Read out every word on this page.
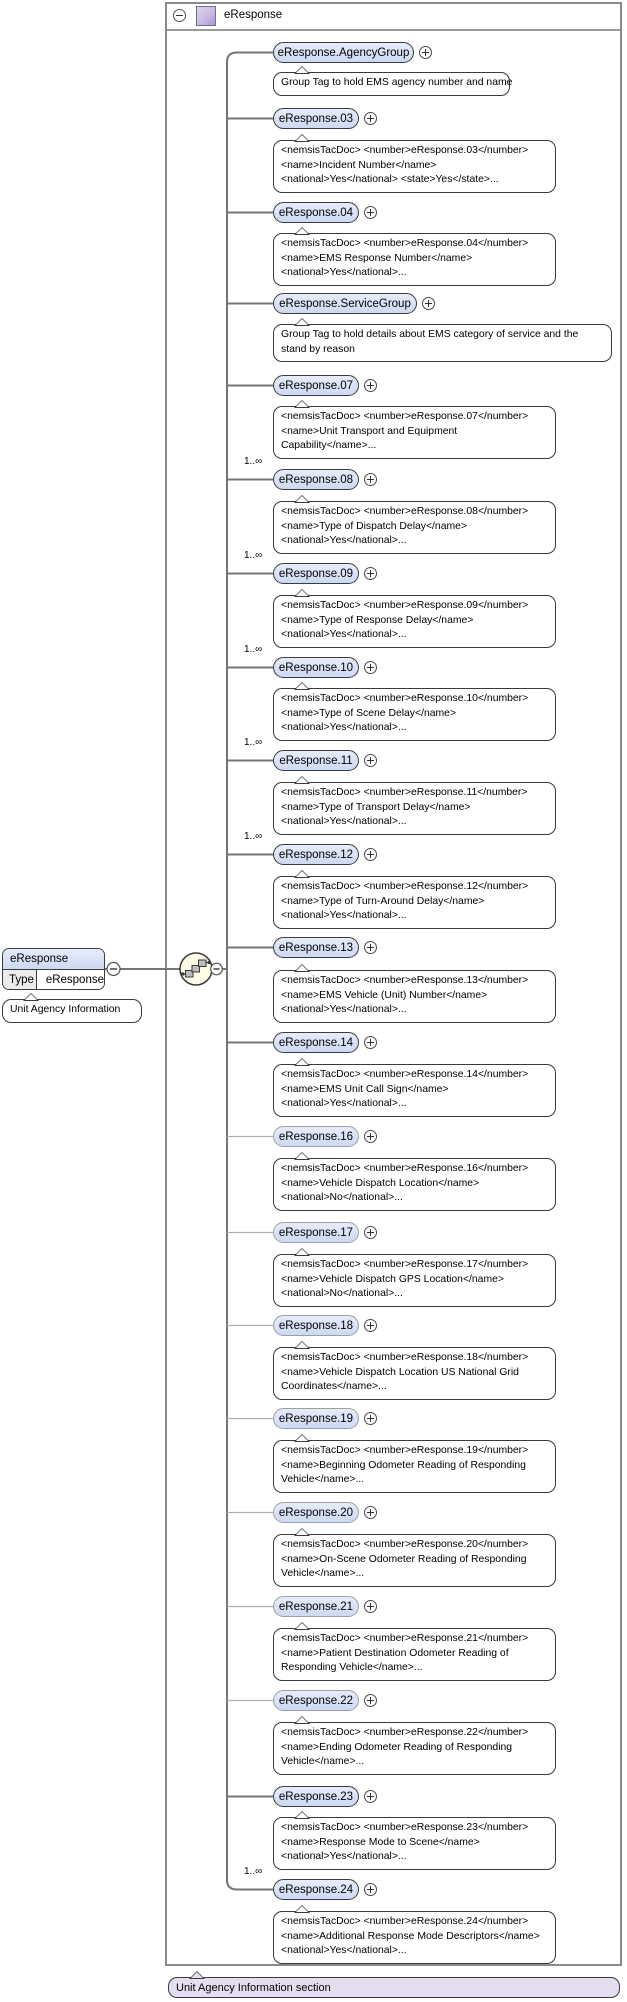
eResponse
eResponse
Type	eResponse
Unit Agency Information
eResponse.AgencyGroup
Group Tag to hold EMS agency number and name
eResponse.03
<nemsisTacDoc> <number>eResponse.03</number>
<name>Incident Number</name>
<national>Yes</national> <state>Yes</state>...
eResponse.04
<nemsisTacDoc> <number>eResponse.04</number>
<name>EMS Response Number</name>
<national>Yes</national>...
eResponse.ServiceGroup
Group Tag to hold details about EMS category of service and the
stand by reason
eResponse.07
<nemsisTacDoc> <number>eResponse.07</number>
<name>Unit Transport and Equipment
Capability</name>...
1..∞
eResponse.08
<nemsisTacDoc> <number>eResponse.08</number>
<name>Type of Dispatch Delay</name>
<national>Yes</national>...
1..∞
eResponse.09
<nemsisTacDoc> <number>eResponse.09</number>
<name>Type of Response Delay</name>
<national>Yes</national>...
1..∞
eResponse.10
<nemsisTacDoc> <number>eResponse.10</number>
<name>Type of Scene Delay</name>
<national>Yes</national>...
1..∞
eResponse.11
<nemsisTacDoc> <number>eResponse.11</number>
<name>Type of Transport Delay</name>
<national>Yes</national>...
1..∞
eResponse.12
<nemsisTacDoc> <number>eResponse.12</number>
<name>Type of Turn-Around Delay</name>
<national>Yes</national>...
eResponse.13
<nemsisTacDoc> <number>eResponse.13</number>
<name>EMS Vehicle (Unit) Number</name>
<national>Yes</national>...
eResponse.14
<nemsisTacDoc> <number>eResponse.14</number>
<name>EMS Unit Call Sign</name>
<national>Yes</national>...
eResponse.16
<nemsisTacDoc> <number>eResponse.16</number>
<name>Vehicle Dispatch Location</name>
<national>No</national>...
eResponse.17
<nemsisTacDoc> <number>eResponse.17</number>
<name>Vehicle Dispatch GPS Location</name>
<national>No</national>...
eResponse.18
<nemsisTacDoc> <number>eResponse.18</number>
<name>Vehicle Dispatch Location US National Grid
Coordinates</name>...
eResponse.19
<nemsisTacDoc> <number>eResponse.19</number>
<name>Beginning Odometer Reading of Responding
Vehicle</name>...
eResponse.20
<nemsisTacDoc> <number>eResponse.20</number>
<name>On-Scene Odometer Reading of Responding
Vehicle</name>...
eResponse.21
<nemsisTacDoc> <number>eResponse.21</number>
<name>Patient Destination Odometer Reading of
Responding Vehicle</name>...
eResponse.22
<nemsisTacDoc> <number>eResponse.22</number>
<name>Ending Odometer Reading of Responding
Vehicle</name>...
eResponse.23
<nemsisTacDoc> <number>eResponse.23</number>
<name>Response Mode to Scene</name>
<national>Yes</national>...
1..∞
eResponse.24
<nemsisTacDoc> <number>eResponse.24</number>
<name>Additional Response Mode Descriptors</name>
<national>Yes</national>...
Unit Agency Information section
